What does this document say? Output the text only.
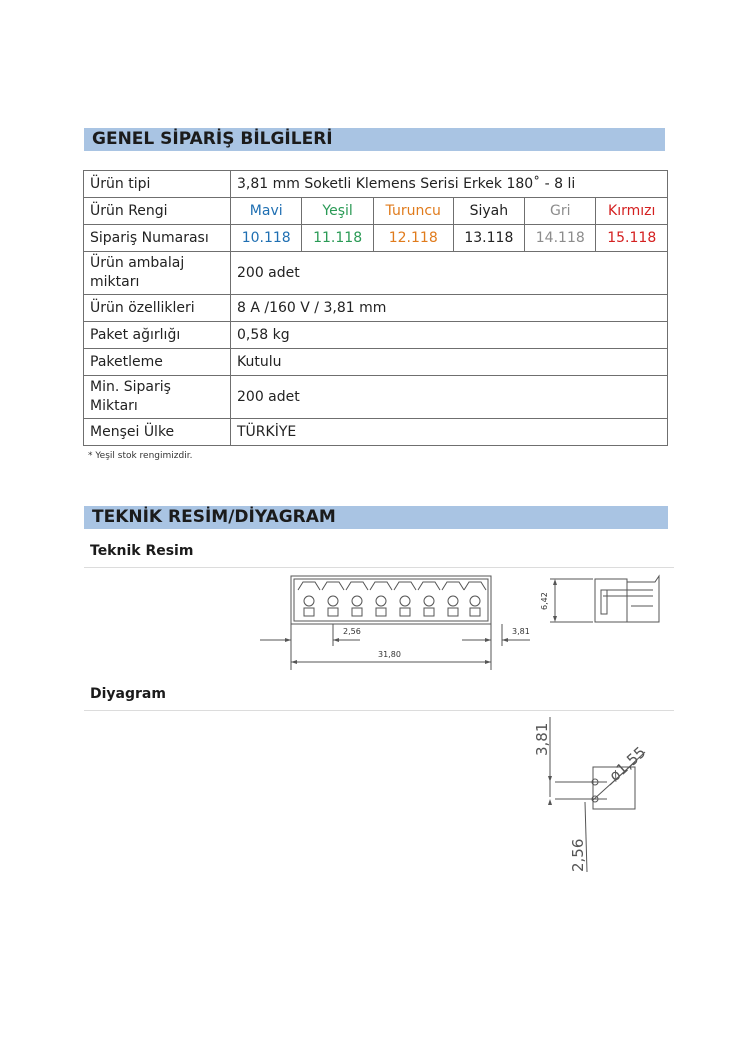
GENEL SİPARİŞ BİLGİLERİ
Ürün tipi	3,81 mm Soketli Klemens Serisi Erkek 180˚ - 8 li					
Ürün Rengi	Mavi	Yeşil	Turuncu	Siyah	Gri	Kırmızı
Sipariş Numarası	10.118	11.118	12.118	13.118	14.118	15.118
Ürün ambalaj
miktarı	200 adet					
Ürün özellikleri	8 A /160 V / 3,81 mm					
Paket ağırlığı	0,58 kg					
Paketleme	Kutulu					
Min. Sipariş
Miktarı	200 adet					
Menşei Ülke	TÜRKİYE					
* Yeşil stok rengimizdir.
TEKNİK RESİM/DİYAGRAM
Teknik Resim
2,56	3,81
31,80
6,42
Diyagram
3,81
ø1,55
2,56
